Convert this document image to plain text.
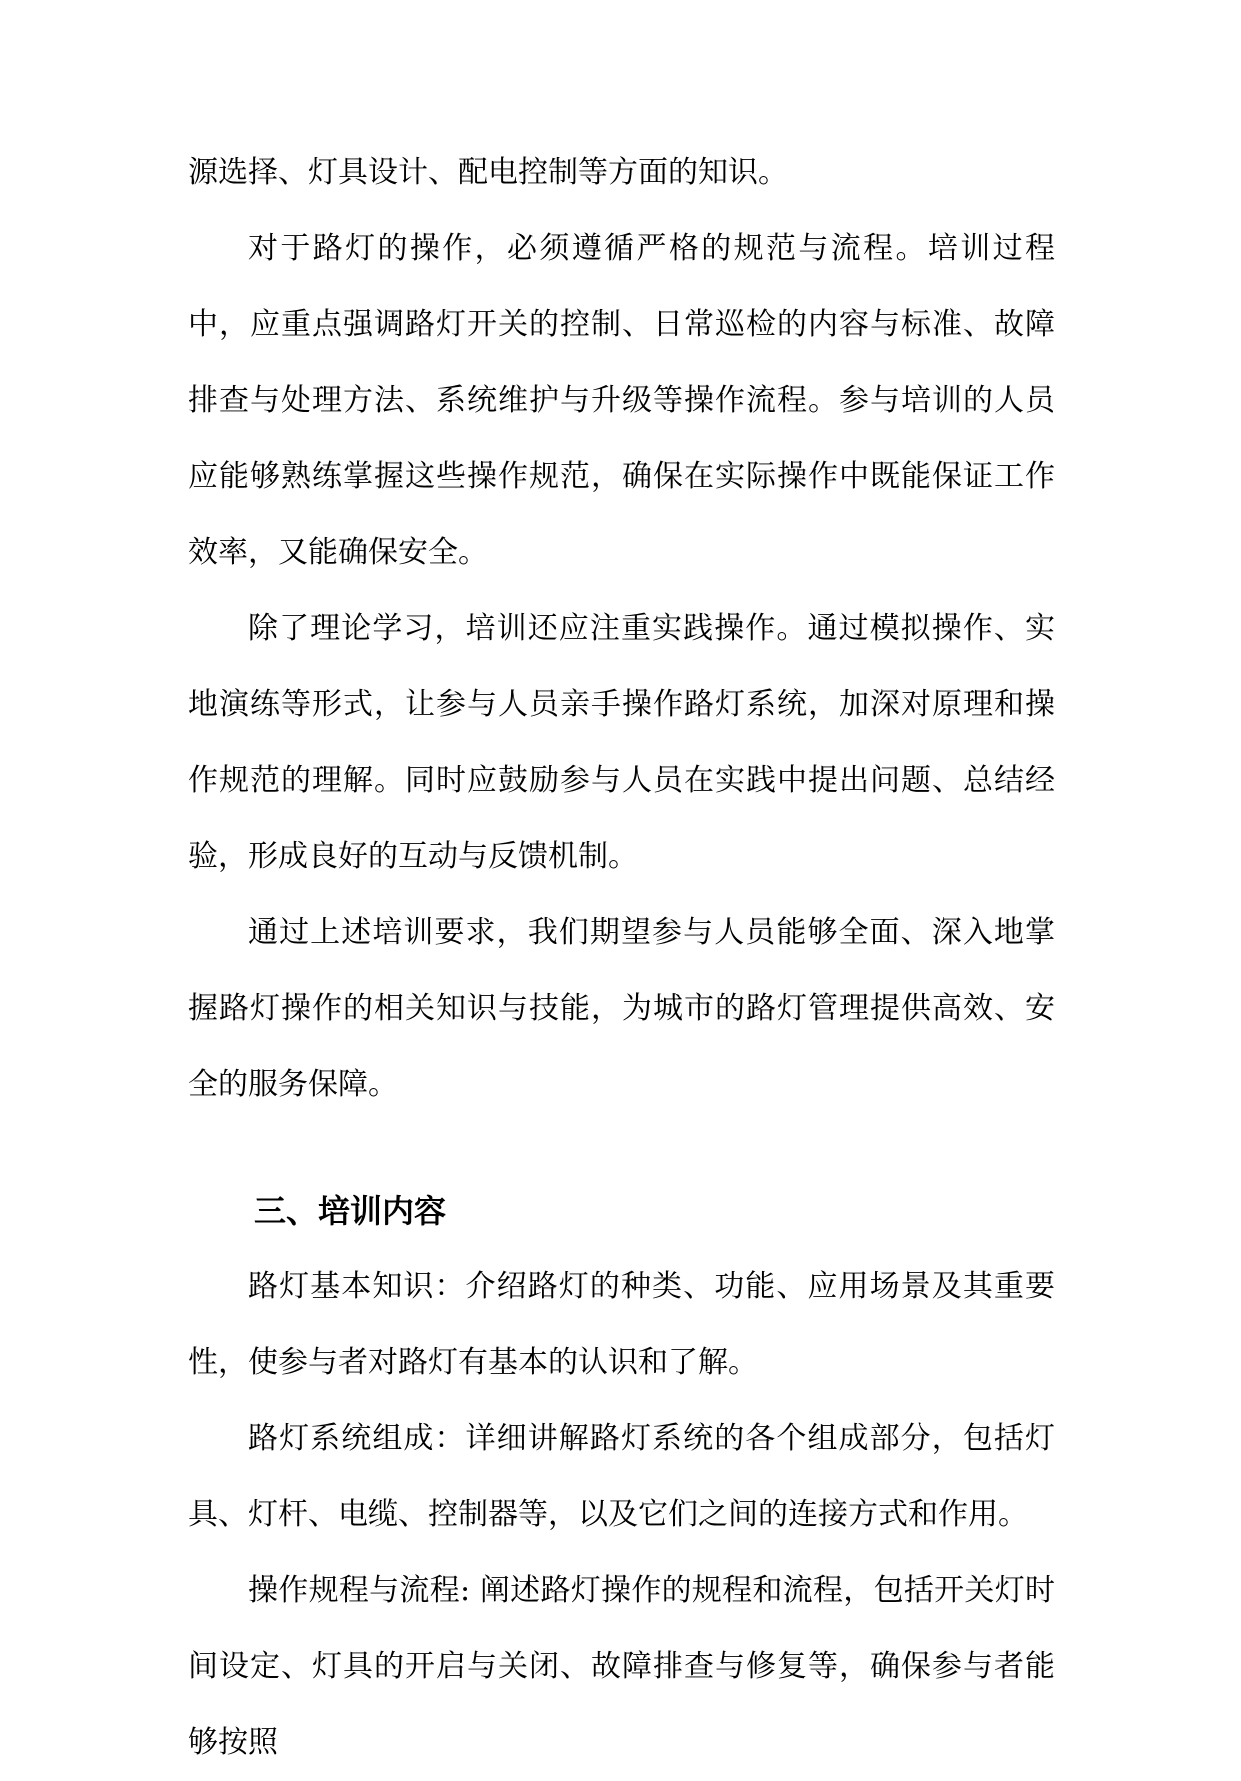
源选择、灯具设计、配电控制等方面的知识。

对于路灯的操作，必须遵循严格的规范与流程。培训过程中，应重点强调路灯开关的控制、日常巡检的内容与标准、故障排查与处理方法、系统维护与升级等操作流程。参与培训的人员应能够熟练掌握这些操作规范，确保在实际操作中既能保证工作效率，又能确保安全。

除了理论学习，培训还应注重实践操作。通过模拟操作、实地演练等形式，让参与人员亲手操作路灯系统，加深对原理和操作规范的理解。同时应鼓励参与人员在实践中提出问题、总结经验，形成良好的互动与反馈机制。

通过上述培训要求，我们期望参与人员能够全面、深入地掌握路灯操作的相关知识与技能，为城市的路灯管理提供高效、安全的服务保障。

三、培训内容

路灯基本知识：介绍路灯的种类、功能、应用场景及其重要性，使参与者对路灯有基本的认识和了解。

路灯系统组成：详细讲解路灯系统的各个组成部分，包括灯具、灯杆、电缆、控制器等，以及它们之间的连接方式和作用。

操作规程与流程: 阐述路灯操作的规程和流程，包括开关灯时间设定、灯具的开启与关闭、故障排查与修复等，确保参与者能够按照
